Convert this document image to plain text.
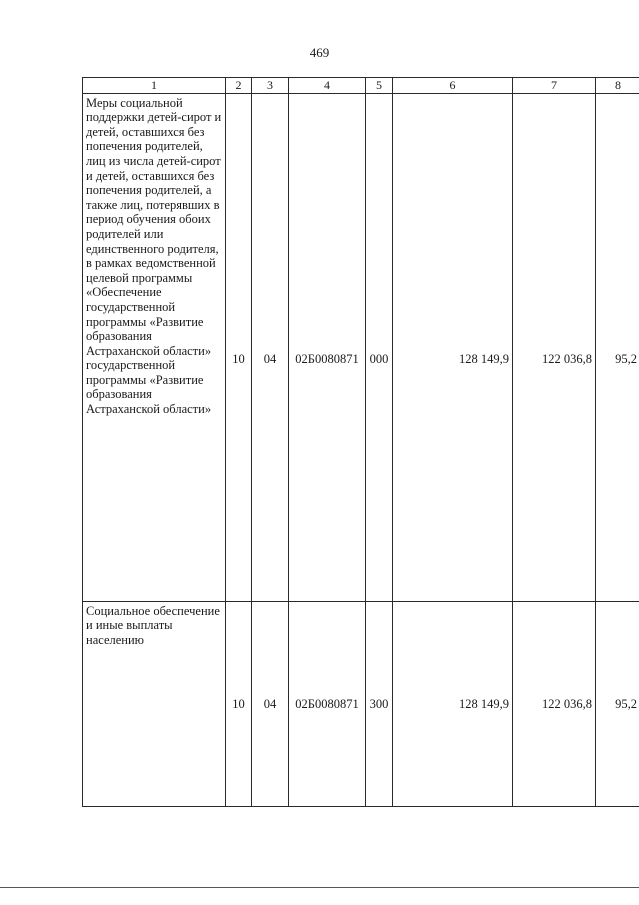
469
1	2	3	4	5	6	7	8
Меры социальной поддержки детей-сирот и детей, оставшихся без попечения родителей, лиц из числа детей-сирот и детей, оставшихся без попечения родителей, а также лиц, потерявших в период обучения обоих родителей или единственного родителя, в рамках ведомственной целевой программы «Обеспечение государственной программы «Развитие образования Астраханской области» государственной программы «Развитие образования Астраханской области»	10	04	02Б0080871	000	128 149,9	122 036,8	95,2
Социальное обеспечение и иные выплаты населению	10	04	02Б0080871	300	128 149,9	122 036,8	95,2
